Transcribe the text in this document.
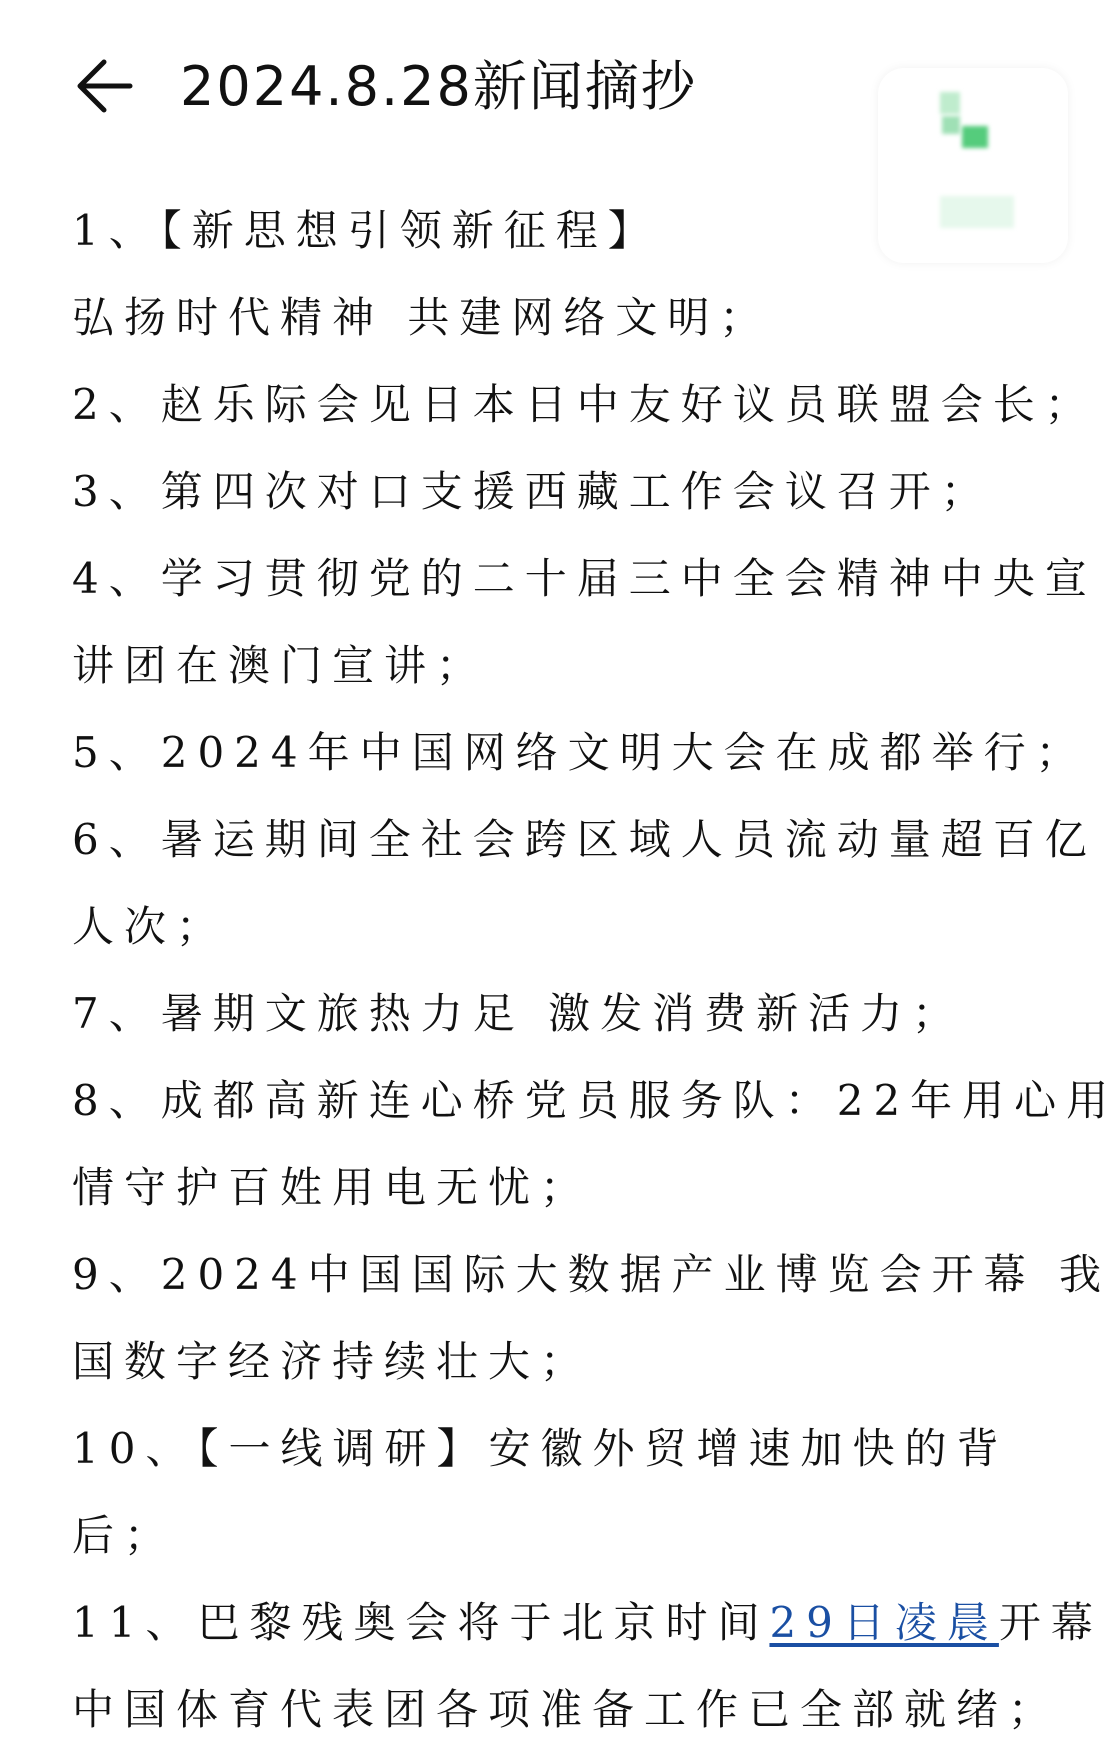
2024.8.28新闻摘抄
1、【新思想引领新征程】
弘扬时代精神 共建网络文明；
2、赵乐际会见日本日中友好议员联盟会长；
3、第四次对口支援西藏工作会议召开；
4、学习贯彻党的二十届三中全会精神中央宣
讲团在澳门宣讲；
5、2024年中国网络文明大会在成都举行；
6、暑运期间全社会跨区域人员流动量超百亿
人次；
7、暑期文旅热力足 激发消费新活力；
8、成都高新连心桥党员服务队：22年用心用
情守护百姓用电无忧；
9、2024中国国际大数据产业博览会开幕 我
国数字经济持续壮大；
10、【一线调研】安徽外贸增速加快的背
后；
11、巴黎残奥会将于北京时间29日凌晨开幕
中国体育代表团各项准备工作已全部就绪；
